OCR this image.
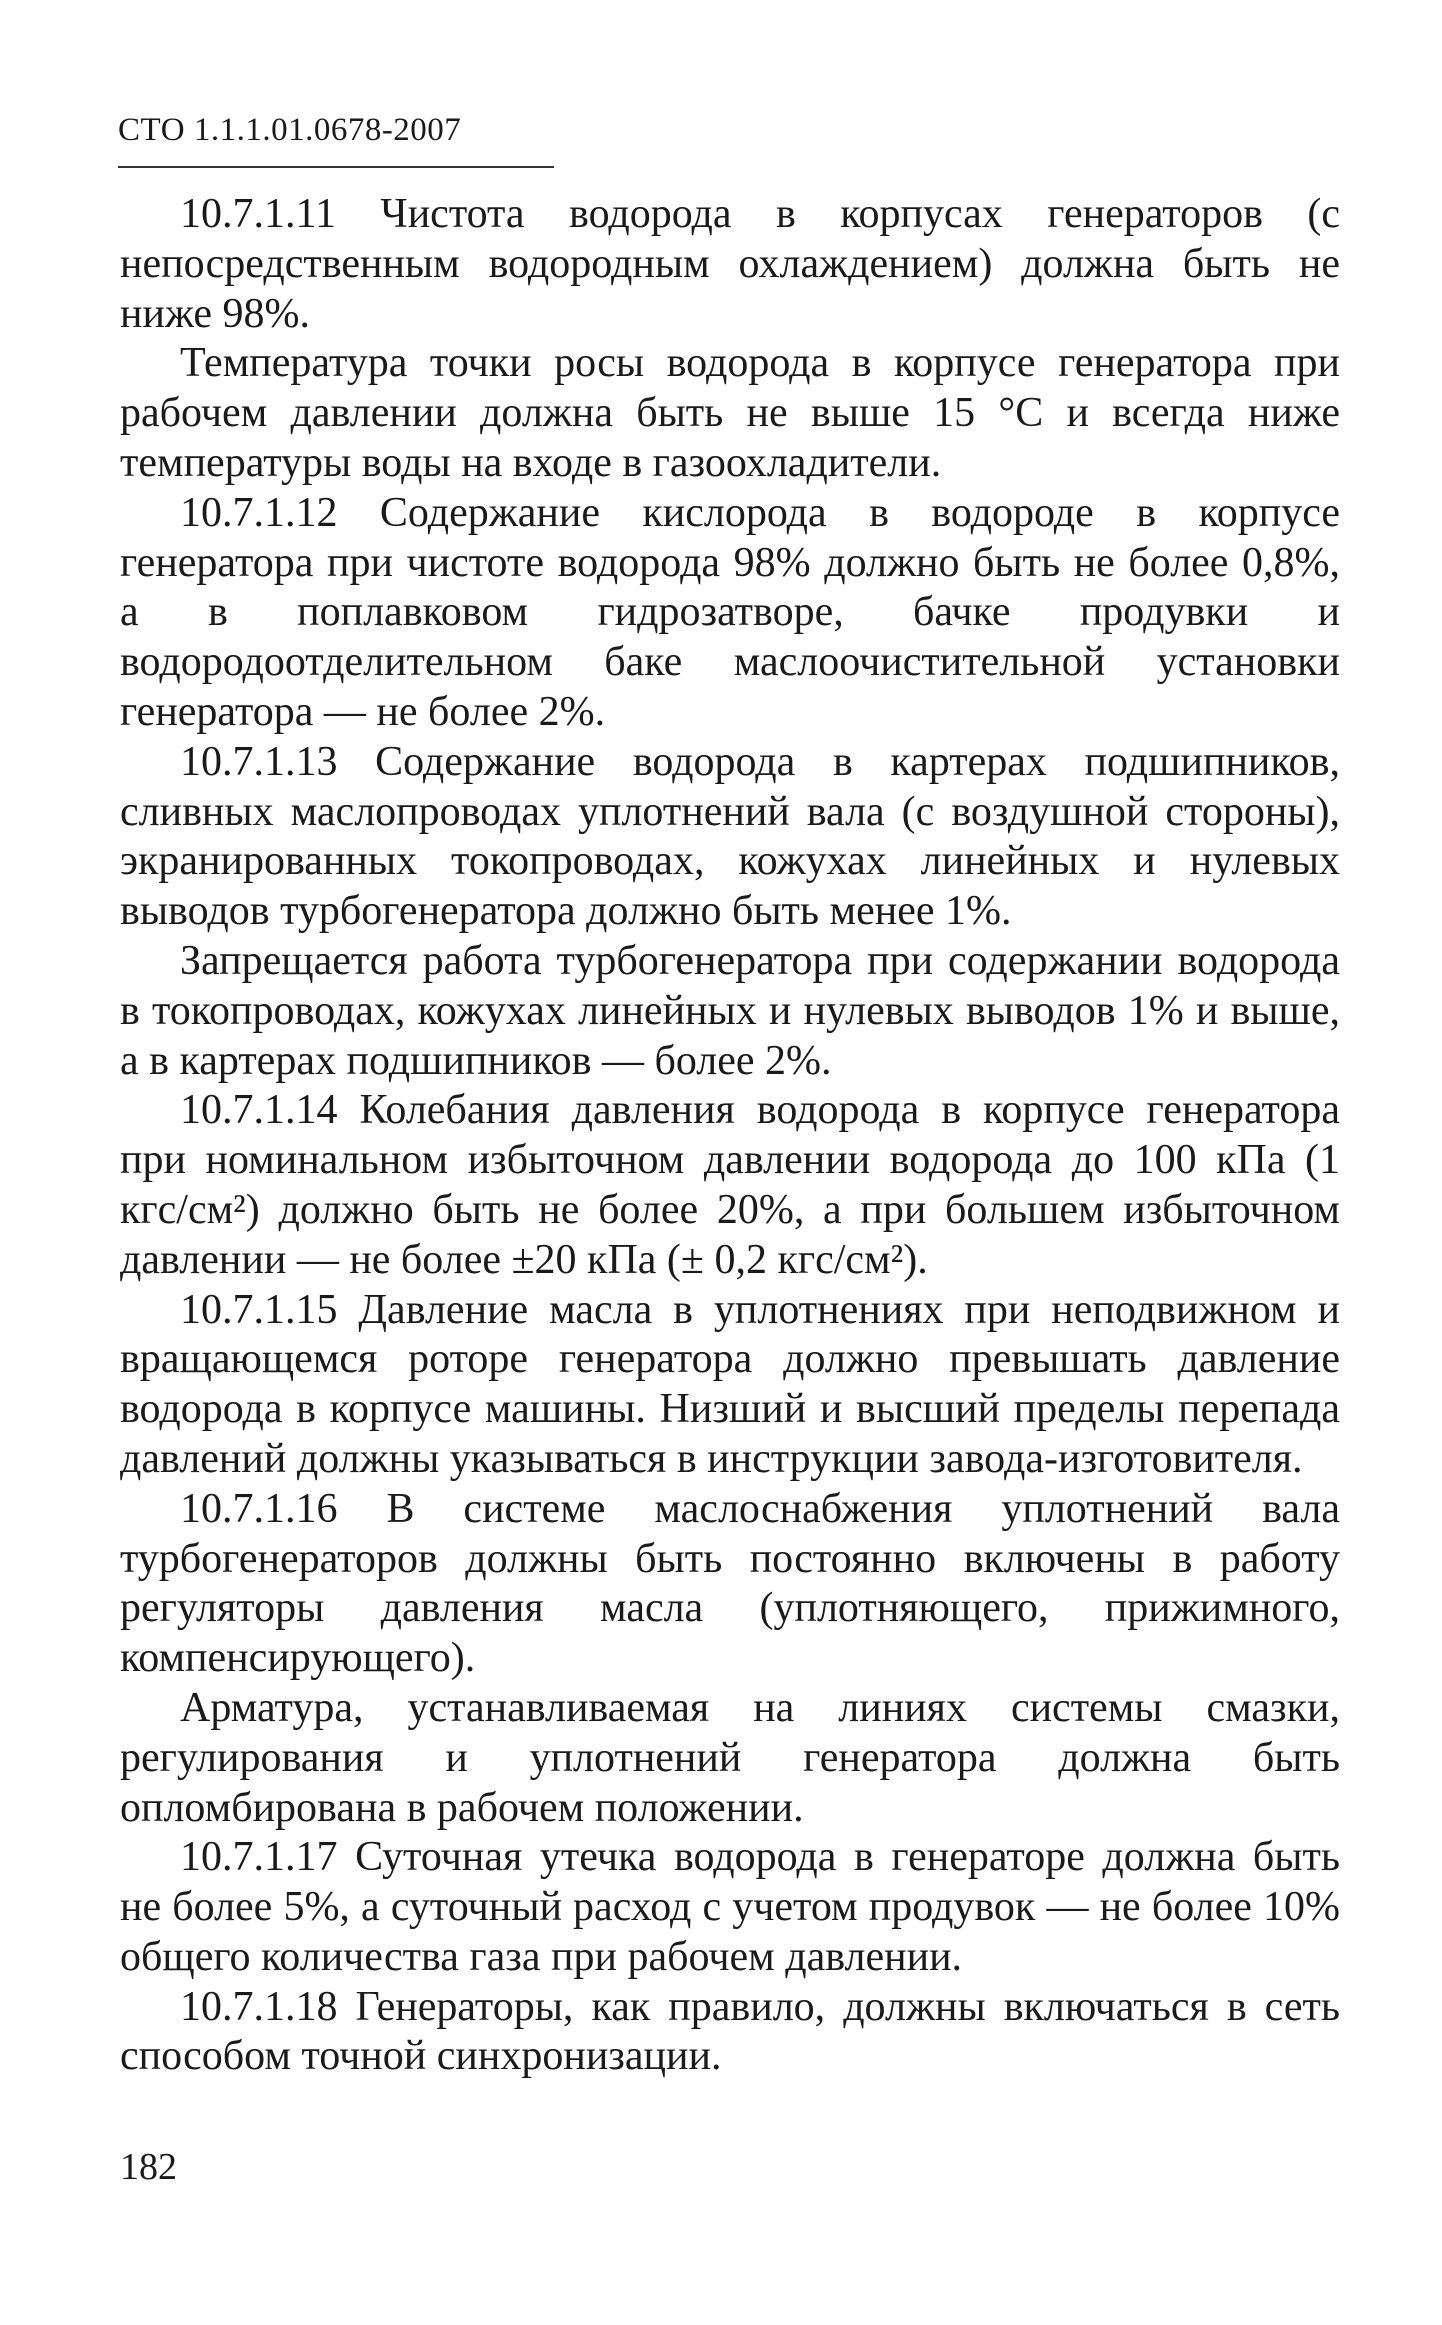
СТО 1.1.1.01.0678-2007

10.7.1.11 Чистота водорода в корпусах генераторов (с непосредственным водородным охлаждением) должна быть не ниже 98%.

Температура точки росы водорода в корпусе генератора при рабочем давлении должна быть не выше 15 °С и всегда ниже температуры воды на входе в газоохладители.

10.7.1.12 Содержание кислорода в водороде в корпусе генератора при чистоте водорода 98% должно быть не более 0,8%, а в поплавковом гидрозатворе, бачке продувки и водородоотделительном баке маслоочистительной установки генератора — не более 2%.

10.7.1.13 Содержание водорода в картерах подшипников, сливных маслопроводах уплотнений вала (с воздушной стороны), экранированных токопроводах, кожухах линейных и нулевых выводов турбогенератора должно быть менее 1%.

Запрещается работа турбогенератора при содержании водорода в токопроводах, кожухах линейных и нулевых выводов 1% и выше, а в картерах подшипников — более 2%.

10.7.1.14 Колебания давления водорода в корпусе генератора при номинальном избыточном давлении водорода до 100 кПа (1 кгс/см²) должно быть не более 20%, а при большем избыточном давлении — не более ±20 кПа (± 0,2 кгс/см²).

10.7.1.15 Давление масла в уплотнениях при неподвижном и вращающемся роторе генератора должно превышать давление водорода в корпусе машины. Низший и высший пределы перепада давлений должны указываться в инструкции завода-изготовителя.

10.7.1.16 В системе маслоснабжения уплотнений вала турбогенераторов должны быть постоянно включены в работу регуляторы давления масла (уплотняющего, прижимного, компенсирующего).

Арматура, устанавливаемая на линиях системы смазки, регулирования и уплотнений генератора должна быть опломбирована в рабочем положении.

10.7.1.17 Суточная утечка водорода в генераторе должна быть не более 5%, а суточный расход с учетом продувок — не более 10% общего количества газа при рабочем давлении.

10.7.1.18 Генераторы, как правило, должны включаться в сеть способом точной синхронизации.

182
